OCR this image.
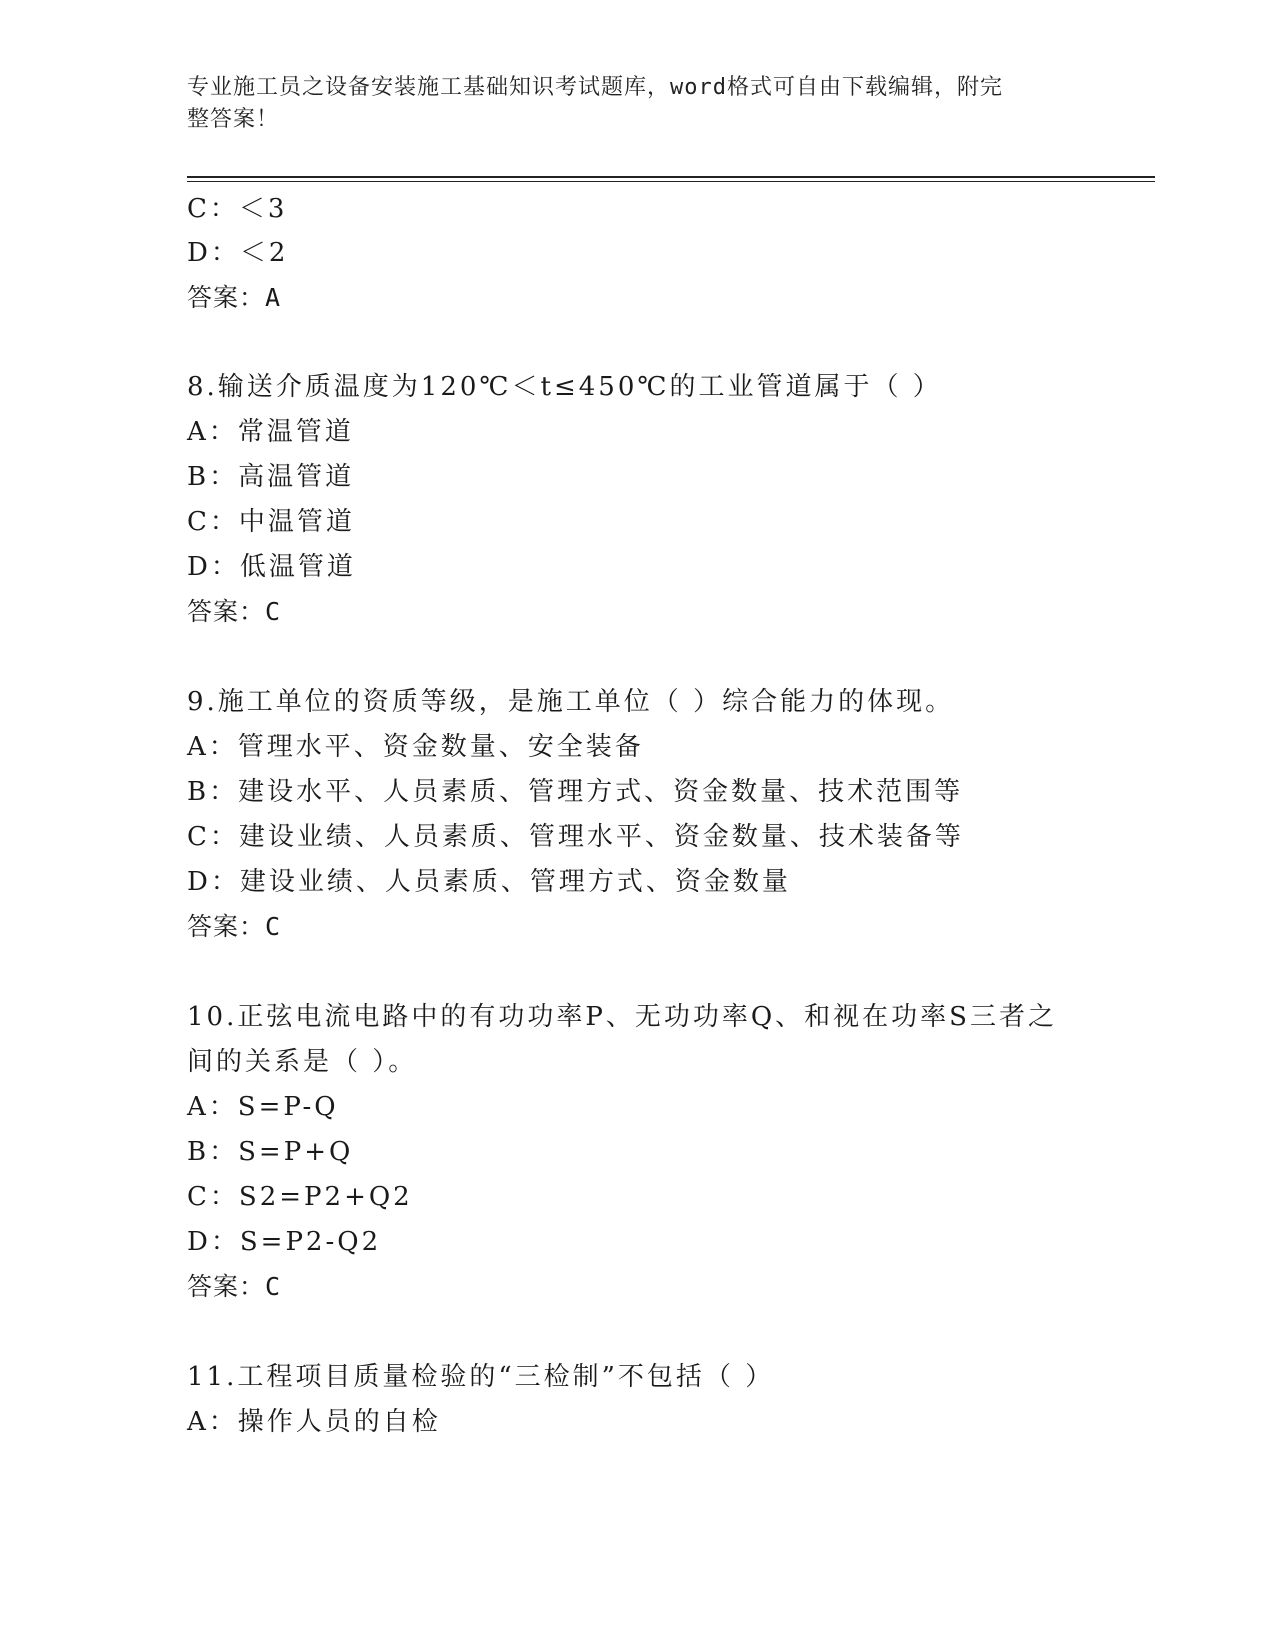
专业施工员之设备安装施工基础知识考试题库，word格式可自由下载编辑，附完
整答案！
C：＜3
D：＜2
答案：A
8.输送介质温度为120℃＜t≤450℃的工业管道属于（ ）
A：常温管道
B：高温管道
C：中温管道
D：低温管道
答案：C
9.施工单位的资质等级，是施工单位（ ）综合能力的体现。
A：管理水平、资金数量、安全装备
B：建设水平、人员素质、管理方式、资金数量、技术范围等
C：建设业绩、人员素质、管理水平、资金数量、技术装备等
D：建设业绩、人员素质、管理方式、资金数量
答案：C
10.正弦电流电路中的有功功率P、无功功率Q、和视在功率S三者之
间的关系是（ ）。
A：S=P-Q
B：S=P+Q
C：S2=P2+Q2
D：S=P2-Q2
答案：C
11.工程项目质量检验的“三检制”不包括（ ）
A：操作人员的自检
